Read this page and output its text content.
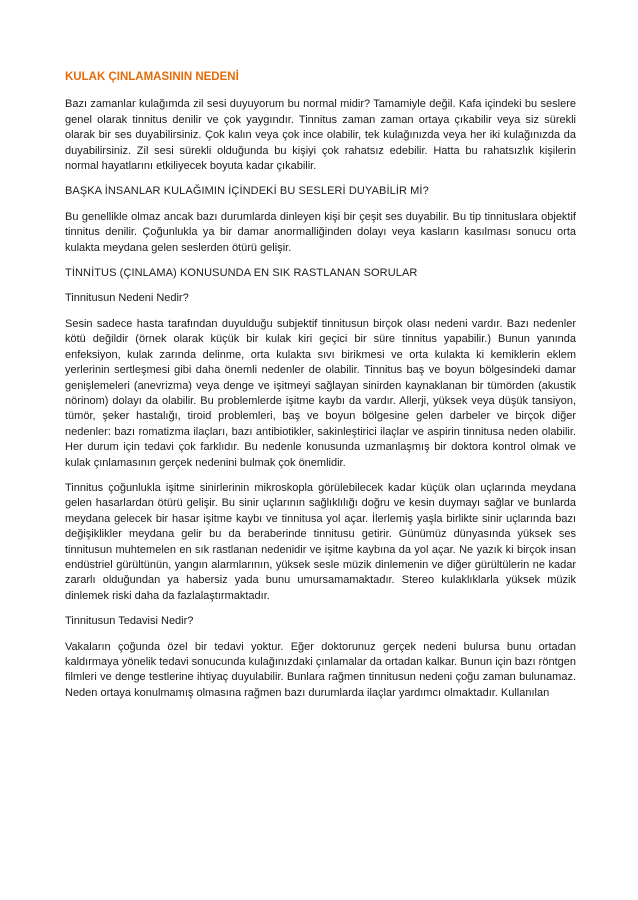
KULAK ÇINLAMASININ NEDENİ

Bazı zamanlar kulağımda zil sesi duyuyorum bu normal midir? Tamamiyle değil. Kafa içindeki bu seslere genel olarak tinnitus denilir ve çok yaygındır. Tinnitus zaman zaman ortaya çıkabilir veya siz sürekli olarak bir ses duyabilirsiniz. Çok kalın veya çok ince olabilir, tek kulağınızda veya her iki kulağınızda da duyabilirsiniz. Zil sesi sürekli olduğunda bu kişiyi çok rahatsız edebilir. Hatta bu rahatsızlık kişilerin normal hayatlarını etkiliyecek boyuta kadar çıkabilir.

BAŞKA İNSANLAR KULAĞIMIN İÇİNDEKİ BU SESLERİ DUYABİLİR Mİ?

Bu genellikle olmaz ancak bazı durumlarda dinleyen kişi bir çeşit ses duyabilir. Bu tip tinnituslara objektif tinnitus denilir. Çoğunlukla ya bir damar anormalliğinden dolayı veya kasların kasılması sonucu orta kulakta meydana gelen seslerden ötürü gelişir.

TİNNİTUS (ÇINLAMA) KONUSUNDA EN SIK RASTLANAN SORULAR
Tinnitusun Nedeni Nedir?

Sesin sadece hasta tarafından duyulduğu subjektif tinnitusun birçok olası nedeni vardır. Bazı nedenler kötü değildir (örnek olarak küçük bir kulak kiri geçici bir süre tinnitus yapabilir.) Bunun yanında enfeksiyon, kulak zarında delinme, orta kulakta sıvı birikmesi ve orta kulakta ki kemiklerin eklem yerlerinin sertleşmesi gibi daha önemli nedenler de olabilir. Tinnitus baş ve boyun bölgesindeki damar genişlemeleri (anevrizma) veya denge ve işitmeyi sağlayan sinirden kaynaklanan bir tümörden (akustik nörinom) dolayı da olabilir. Bu problemlerde işitme kaybı da vardır. Allerji, yüksek veya düşük tansiyon, tümör, şeker hastalığı, tiroid problemleri, baş ve boyun bölgesine gelen darbeler ve birçok diğer nedenler: bazı romatizma ilaçları, bazı antibiotikler, sakinleştirici ilaçlar ve aspirin tinnitusa neden olabilir. Her durum için tedavi çok farklıdır. Bu nedenle konusunda uzmanlaşmış bir doktora kontrol olmak ve kulak çınlamasının gerçek nedenini bulmak çok önemlidir.

Tinnitus çoğunlukla işitme sinirlerinin mikroskopla görülebilecek kadar küçük olan uçlarında meydana gelen hasarlardan ötürü gelişir. Bu sinir uçlarının sağlıklılığı doğru ve kesin duymayı sağlar ve bunlarda meydana gelecek bir hasar işitme kaybı ve tinnitusa yol açar. İlerlemiş yaşla birlikte sinir uçlarında bazı değişiklikler meydana gelir bu da beraberinde tinnitusu getirir. Günümüz dünyasında yüksek ses tinnitusun muhtemelen en sık rastlanan nedenidir ve işitme kaybına da yol açar. Ne yazık ki birçok insan endüstriel gürültünün, yangın alarmlarının, yüksek sesle müzik dinlemenin ve diğer gürültülerin ne kadar zararlı olduğundan ya habersiz yada bunu umursamamaktadır. Stereo kulaklıklarla yüksek müzik dinlemek riski daha da fazlalaştırmaktadır.

Tinnitusun Tedavisi Nedir?

Vakaların çoğunda özel bir tedavi yoktur. Eğer doktorunuz gerçek nedeni bulursa bunu ortadan kaldırmaya yönelik tedavi sonucunda kulağınızdaki çınlamalar da ortadan kalkar. Bunun için bazı röntgen filmleri ve denge testlerine ihtiyaç duyulabilir. Bunlara rağmen tinnitusun nedeni çoğu zaman bulunamaz. Neden ortaya konulmamış olmasına rağmen bazı durumlarda ilaçlar yardımcı olmaktadır. Kullanılan
